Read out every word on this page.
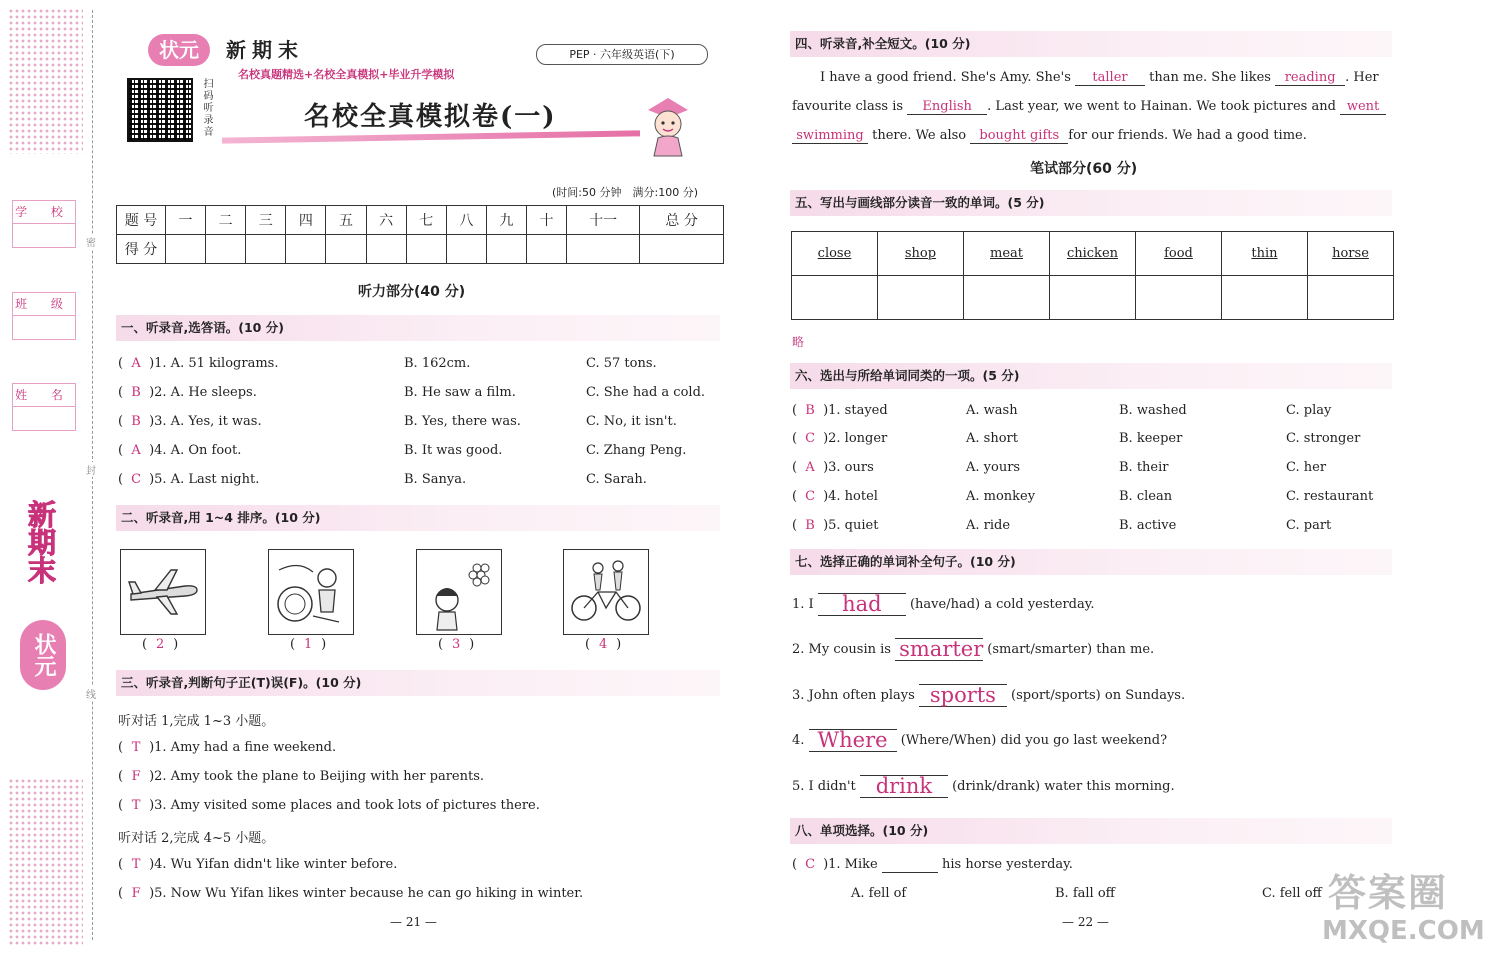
学 校
班 级
姓 名
密
封
线
新期末
状元
状元	新期末
名校真题精选+名校全真模拟+毕业升学模拟
PEP · 六年级英语(下)
扫码听录音	名校全真模拟卷(一)
(时间:50 分钟　满分:100 分)
题 号	一	二	三	四	五	六	七	八	九	十	十一	总 分
得 分												
听力部分(40 分)
一、听录音,选答语。(10 分)
( A )1. A. 51 kilograms.	B. 162cm.	C. 57 tons.
( B )2. A. He sleeps.	B. He saw a film.	C. She had a cold.
( B )3. A. Yes, it was.	B. Yes, there was.	C. No, it isn't.
( A )4. A. On foot.	B. It was good.	C. Zhang Peng.
( C )5. A. Last night.	B. Sanya.	C. Sarah.
二、听录音,用 1~4 排序。(10 分)
( 2 )	( 1 )	( 3 )	( 4 )
三、听录音,判断句子正(T)误(F)。(10 分)
听对话 1,完成 1~3 小题。
( T )1. Amy had a fine weekend.
( F )2. Amy took the plane to Beijing with her parents.
( T )3. Amy visited some places and took lots of pictures there.
听对话 2,完成 4~5 小题。
( T )4. Wu Yifan didn't like winter before.
( F )5. Now Wu Yifan likes winter because he can go hiking in winter.
— 21 —
四、听录音,补全短文。(10 分)
I have a good friend. She's Amy. She's taller than me. She likes reading . Her
favourite class is English . Last year, we went to Hainan. We took pictures and went
swimming there. We also bought gifts for our friends. We had a good time.
笔试部分(60 分)
五、写出与画线部分读音一致的单词。(5 分)
close	shop	meat	chicken	food	thin	horse

略
六、选出与所给单词同类的一项。(5 分)
( B )1. stayed	A. wash	B. washed	C. play
( C )2. longer	A. short	B. keeper	C. stronger
( A )3. ours	A. yours	B. their	C. her
( C )4. hotel	A. monkey	B. clean	C. restaurant
( B )5. quiet	A. ride	B. active	C. part
七、选择正确的单词补全句子。(10 分)
1. I had (have/had) a cold yesterday.
2. My cousin is smarter (smart/smarter) than me.
3. John often plays sports (sport/sports) on Sundays.
4. Where (Where/When) did you go last weekend?
5. I didn't drink (drink/drank) water this morning.
八、单项选择。(10 分)
( C )1. Mike	his horse yesterday.
A. fell of	B. fall off	C. fell off
— 22 —
答案圈
MXQE.COM
